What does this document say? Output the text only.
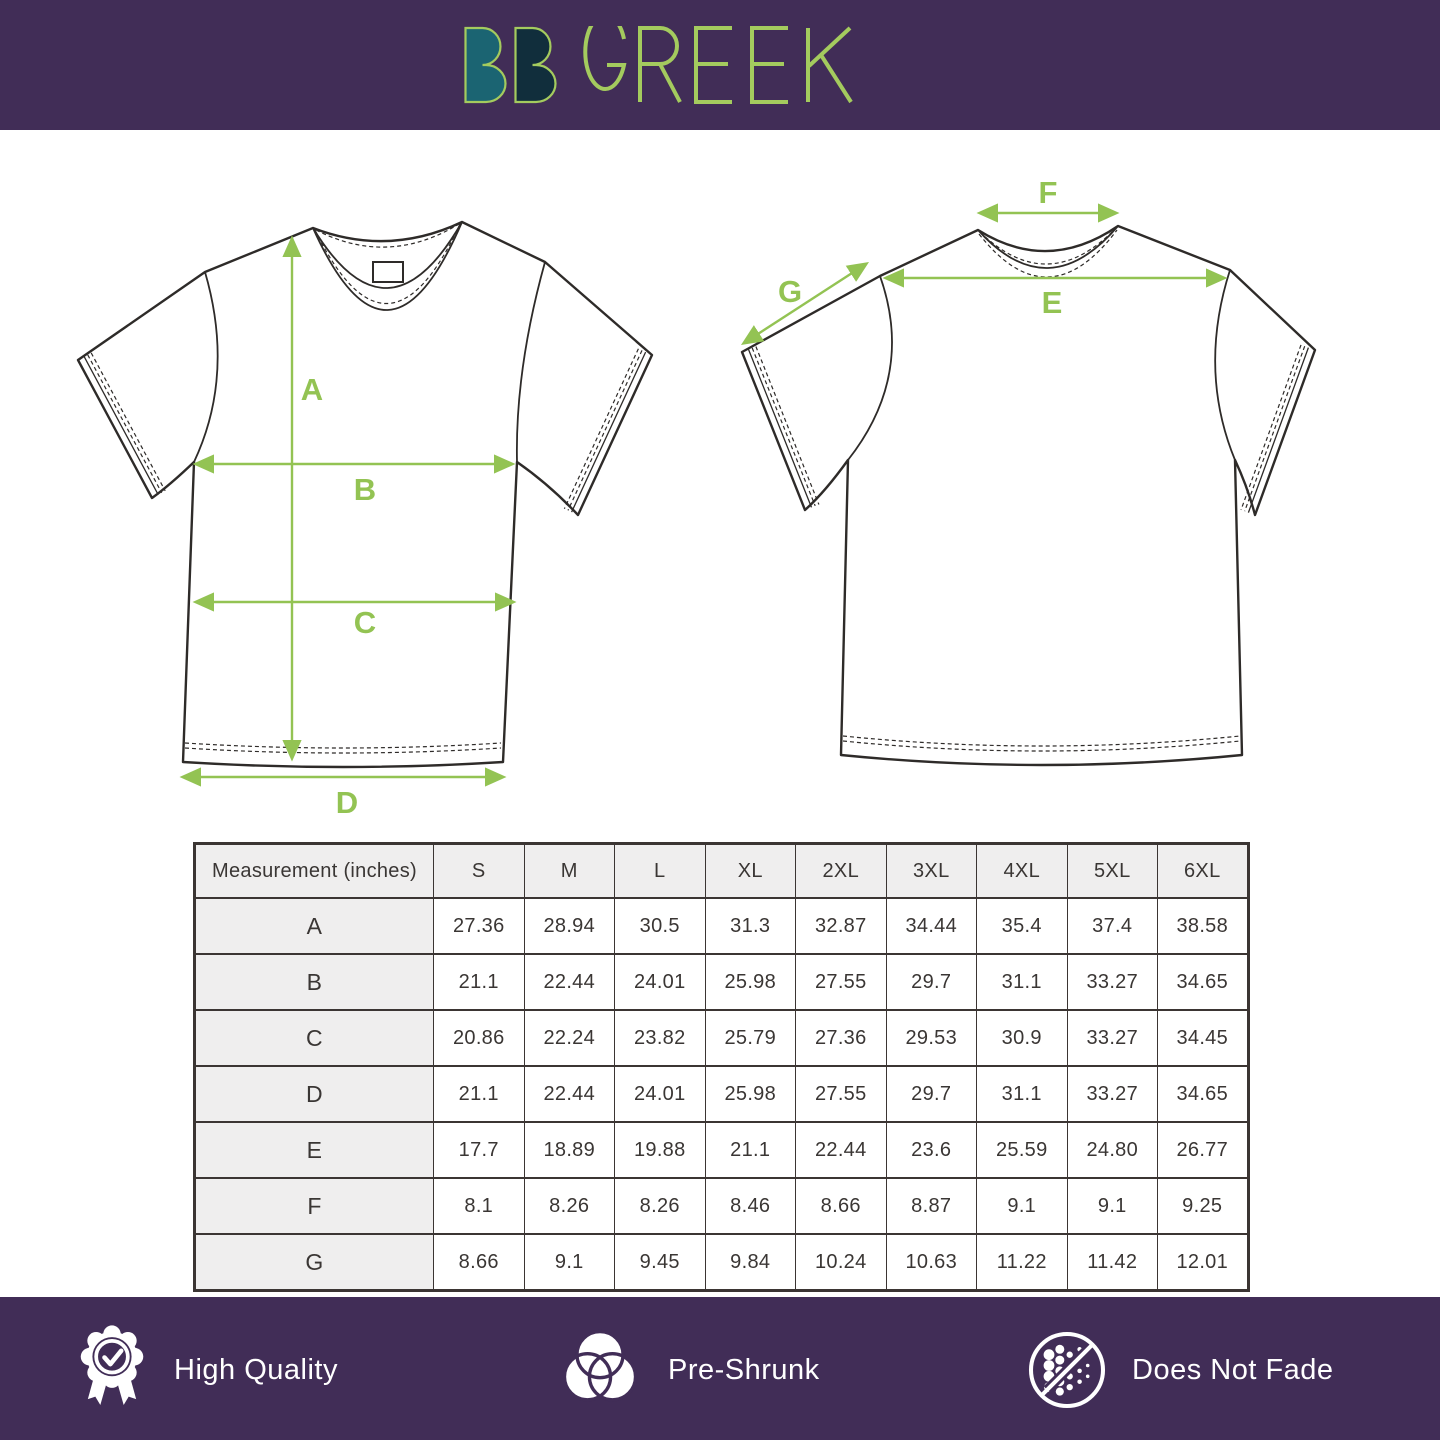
A
B
C
D
F
E
G
Measurement (inches)	S	M	L	XL	2XL	3XL	4XL	5XL	6XL
A	27.36	28.94	30.5	31.3	32.87	34.44	35.4	37.4	38.58
B	21.1	22.44	24.01	25.98	27.55	29.7	31.1	33.27	34.65
C	20.86	22.24	23.82	25.79	27.36	29.53	30.9	33.27	34.45
D	21.1	22.44	24.01	25.98	27.55	29.7	31.1	33.27	34.65
E	17.7	18.89	19.88	21.1	22.44	23.6	25.59	24.80	26.77
F	8.1	8.26	8.26	8.46	8.66	8.87	9.1	9.1	9.25
G	8.66	9.1	9.45	9.84	10.24	10.63	11.22	11.42	12.01
High Quality	Pre-Shrunk	Does Not Fade
